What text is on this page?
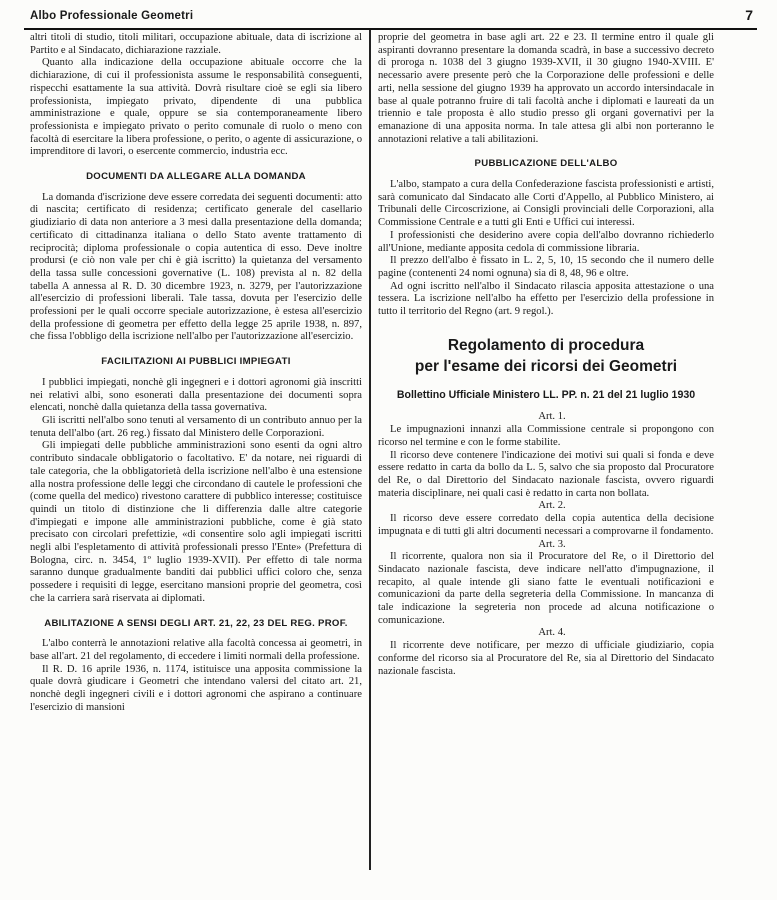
Albo Professionale Geometri	7

altri titoli di studio, titoli militari, occupazione abituale, data di iscrizione al Partito e al Sindacato, dichiarazione razziale.

Quanto alla indicazione della occupazione abituale occorre che la dichiarazione, di cui il professionista assume le responsabilità conseguenti, rispecchi esattamente la sua attività. Dovrà risultare cioè se egli sia libero professionista, impiegato privato, dipendente di una pubblica amministrazione e quale, oppure se sia contemporaneamente libero professionista e impiegato privato o perito comunale di ruolo o meno con facoltà di esercitare la libera professione, o perito, o agente di assicurazione, o imprenditore di lavori, o esercente commercio, industria ecc.

DOCUMENTI DA ALLEGARE ALLA DOMANDA

La domanda d'iscrizione deve essere corredata dei seguenti documenti: atto di nascita; certificato di residenza; certificato generale del casellario giudiziario di data non anteriore a 3 mesi dalla presentazione della domanda; certificato di cittadinanza italiana o dello Stato avente trattamento di reciprocità; diploma professionale o copia autentica di esso. Deve inoltre prodursi (e ciò non vale per chi è già iscritto) la quietanza del versamento della tassa sulle concessioni governative (L. 108) prevista al n. 82 della tabella A annessa al R. D. 30 dicembre 1923, n. 3279, per l'autorizzazione all'esercizio di professioni liberali. Tale tassa, dovuta per l'esercizio delle professioni per le quali occorre speciale autorizzazione, è estesa all'esercizio della professione di geometra per effetto della legge 25 aprile 1938, n. 897, che fissa l'obbligo della iscrizione nell'albo per l'autorizzazione all'esercizio.

FACILITAZIONI AI PUBBLICI IMPIEGATI

I pubblici impiegati, nonchè gli ingegneri e i dottori agronomi già inscritti nei relativi albi, sono esonerati dalla presentazione dei documenti sopra elencati, nonchè dalla quietanza della tassa governativa.

Gli iscritti nell'albo sono tenuti al versamento di un contributo annuo per la tenuta dell'albo (art. 26 reg.) fissato dal Ministero delle Corporazioni.

Gli impiegati delle pubbliche amministrazioni sono esenti da ogni altro contributo sindacale obbligatorio o facoltativo. E' da notare, nei riguardi di tale categoria, che la obbligatorietà della iscrizione nell'albo è una estensione alla nostra professione delle leggi che circondano di cautele le professioni che (come quella del medico) rivestono carattere di pubblico interesse; costituisce quindi un titolo di distinzione che li differenzia dalle altre categorie d'impiegati e impone alle amministrazioni pubbliche, come è già stato precisato con circolari prefettizie, «di consentire solo agli impiegati iscritti negli albi l'espletamento di attività professionali presso l'Ente» (Prefettura di Bologna, circ. n. 3454, 1º luglio 1939-XVII). Per effetto di tale norma saranno dunque gradualmente banditi dai pubblici uffici coloro che, senza possedere i requisiti di legge, esercitano mansioni proprie del geometra, così che la carriera sarà riservata ai diplomati.

ABILITAZIONE A SENSI DEGLI ART. 21, 22, 23 DEL REG. PROF.

L'albo conterrà le annotazioni relative alla facoltà concessa ai geometri, in base all'art. 21 del regolamento, di eccedere i limiti normali della professione.

Il R. D. 16 aprile 1936, n. 1174, istituisce una apposita commissione la quale dovrà giudicare i Geometri che intendano valersi del citato art. 21, nonchè degli ingegneri civili e i dottori agronomi che aspirano a continuare l'esercizio di mansioni

proprie del geometra in base agli art. 22 e 23. Il termine entro il quale gli aspiranti dovranno presentare la domanda scadrà, in base a successivo decreto di proroga n. 1038 del 3 giugno 1939-XVII, il 30 giugno 1940-XVIII. E' necessario avere presente però che la Corporazione delle professioni e delle arti, nella sessione del giugno 1939 ha approvato un accordo intersindacale in base al quale potranno fruire di tali facoltà anche i diplomati e laureati da un triennio e tale proposta è allo studio presso gli organi governativi per la emanazione di una apposita norma. In tale attesa gli albi non porteranno le annotazioni relative a tali abilitazioni.

PUBBLICAZIONE DELL'ALBO

L'albo, stampato a cura della Confederazione fascista professionisti e artisti, sarà comunicato dal Sindacato alle Corti d'Appello, al Pubblico Ministero, ai Tribunali delle Circoscrizione, ai Consigli provinciali delle Corporazioni, alla Commissione Centrale e a tutti gli Enti e Uffici cui interessi.

I professionisti che desiderino avere copia dell'albo dovranno richiederlo all'Unione, mediante apposita cedola di commissione libraria.

Il prezzo dell'albo è fissato in L. 2, 5, 10, 15 secondo che il numero delle pagine (contenenti 24 nomi ognuna) sia di 8, 48, 96 e oltre.

Ad ogni iscritto nell'albo il Sindacato rilascia apposita attestazione o una tessera. La iscrizione nell'albo ha effetto per l'esercizio della professione in tutto il territorio del Regno (art. 9 regol.).

Regolamento di procedura
per l'esame dei ricorsi dei Geometri
Bollettino Ufficiale Ministero LL. PP. n. 21 del 21 luglio 1930

Art. 1.

Le impugnazioni innanzi alla Commissione centrale si propongono con ricorso nel termine e con le forme stabilite.

Il ricorso deve contenere l'indicazione dei motivi sui quali si fonda e deve essere redatto in carta da bollo da L. 5, salvo che sia proposto dal Procuratore del Re, o dal Direttorio del Sindacato nazionale fascista, ovvero riguardi materia disciplinare, nei quali casi è redatto in carta non bollata.

Art. 2.

Il ricorso deve essere corredato della copia autentica della decisione impugnata e di tutti gli altri documenti necessari a comprovarne il fondamento.

Art. 3.

Il ricorrente, qualora non sia il Procuratore del Re, o il Direttorio del Sindacato nazionale fascista, deve indicare nell'atto d'impugnazione, il recapito, al quale intende gli siano fatte le eventuali notificazioni e comunicazioni da parte della segreteria della Commissione. In mancanza di tale indicazione la segreteria non procede ad alcuna notificazione o comunicazione.

Art. 4.

Il ricorrente deve notificare, per mezzo di ufficiale giudiziario, copia conforme del ricorso sia al Procuratore del Re, sia al Direttorio del Sindacato nazionale fascista.
